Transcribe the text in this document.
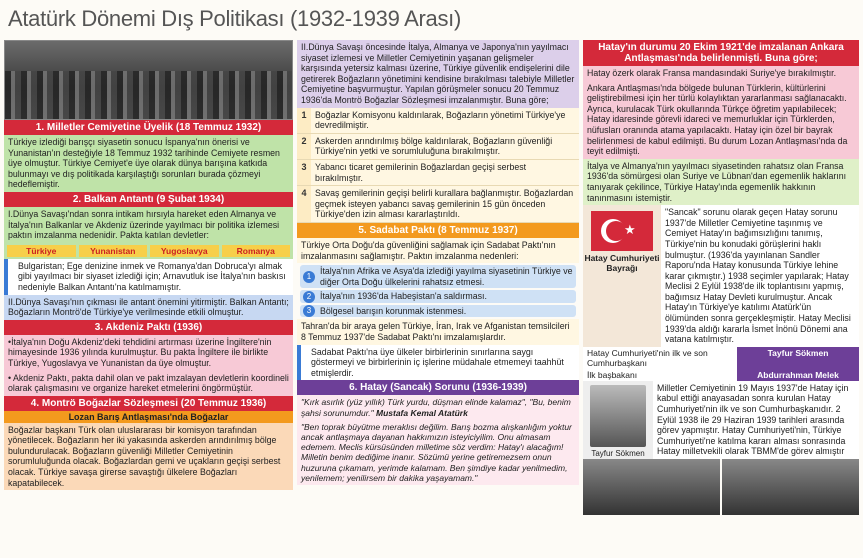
Atatürk Dönemi Dış Politikası (1932-1939 Arası)
1. Milletler Cemiyetine Üyelik (18 Temmuz 1932)
Türkiye izlediği barışçı siyasetin sonucu İspanya'nın önerisi ve Yunanistan'ın desteğiyle 18 Temmuz 1932 tarihinde Cemiyete resmen üye olmuştur. Türkiye Cemiyet'e üye olarak dünya barışına katkıda bulunmayı ve dış politikada karşılaştığı sorunları burada çözmeyi hedeflemiştir.
2. Balkan Antantı (9 Şubat 1934)
I.Dünya Savaşı'ndan sonra intikam hırsıyla hareket eden Almanya ve İtalya'nın Balkanlar ve Akdeniz üzerinde yayılmacı bir politika izlemesi paktın imzalanma nedenidir. Pakta katılan devletler:
Türkiye	Yunanistan	Yugoslavya	Romanya
Bulgaristan; Ege denizine inmek ve Romanya'dan Dobruca'yı almak gibi yayılmacı bir siyaset izlediği için; Arnavutluk ise İtalya'nın baskısı nedeniyle Balkan Antantı'na katılmamıştır.
II.Dünya Savaşı'nın çıkması ile antant önemini yitirmiştir. Balkan Antantı; Boğazların Montrö'de Türkiye'ye verilmesinde etkili olmuştur.
3. Akdeniz Paktı (1936)
•İtalya'nın Doğu Akdeniz'deki tehdidini artırması üzerine İngiltere'nin himayesinde 1936 yılında kurulmuştur. Bu pakta İngiltere ile birlikte Türkiye, Yugoslavya ve Yunanistan da üye olmuştur.
• Akdeniz Paktı, pakta dahil olan ve pakt imzalayan devletlerin koordineli olarak çalışmasını ve organize hareket etmelerini öngörmüştür.
4. Montrö Boğazlar Sözleşmesi (20 Temmuz 1936)
Lozan Barış Antlaşması'nda Boğazlar
Boğazlar başkanı Türk olan uluslararası bir komisyon tarafından yönetilecek. Boğazların her iki yakasında askerden arındırılmış bölge bulundurulacak. Boğazların güvenliği Milletler Cemiyetinin sorumluluğunda olacak. Boğazlardan gemi ve uçakların geçişi serbest olacak. Türkiye savaşa girerse savaştığı ülkelere Boğazları kapatabilecek.
II.Dünya Savaşı öncesinde İtalya, Almanya ve Japonya'nın yayılmacı siyaset izlemesi ve Milletler Cemiyetinin yaşanan gelişmeler karşısında yetersiz kalması üzerine, Türkiye güvenlik endişelerini dile getirerek Boğazların yönetimini kendisine bırakılması talebiyle Milletler Cemiyetine başvurmuştur. Yapılan görüşmeler sonucu 20 Temmuz 1936'da Montrö Boğazlar Sözleşmesi imzalanmıştır. Buna göre;
1 Boğazlar Komisyonu kaldırılarak, Boğazların yönetimi Türkiye'ye devredilmiştir.
2 Askerden arındırılmış bölge kaldırılarak, Boğazların güvenliği Türkiye'nin yetki ve sorumluluğuna bırakılmıştır.
3 Yabancı ticaret gemilerinin Boğazlardan geçişi serbest bırakılmıştır.
4 Savaş gemilerinin geçişi belirli kurallara bağlanmıştır. Boğazlardan geçmek isteyen yabancı savaş gemilerinin 15 gün önceden Türkiye'den izin alması kararlaştırıldı.
5. Sadabat Paktı (8 Temmuz 1937)
Türkiye Orta Doğu'da güvenliğini sağlamak için Sadabat Paktı'nın imzalanmasını sağlamıştır. Paktın imzalanma nedenleri:
1
İtalya'nın Afrika ve Asya'da izlediği yayılma siyasetinin Türkiye ve diğer Orta Doğu ülkelerini rahatsız etmesi.
2 İtalya'nın 1936'da Habeşistan'a saldırması.
3 Bölgesel barışın korunmak istenmesi.
Tahran'da bir araya gelen Türkiye, İran, Irak ve Afganistan temsilcileri 8 Temmuz 1937'de Sadabat Paktı'nı imzalamışlardır.
Sadabat Paktı'na üye ülkeler birbirlerinin sınırlarına saygı göstermeyi ve birbirlerinin iç işlerine müdahale etmemeyi taahhüt etmişlerdir.
6. Hatay (Sancak) Sorunu (1936-1939)
"Kırk asırlık (yüz yıllık) Türk yurdu, düşman elinde kalamaz", "Bu, benim şahsi sorunumdur." Mustafa Kemal Atatürk
"Ben toprak büyütme meraklısı değilim. Barış bozma alışkanlığım yoktur ancak antlaşmaya dayanan hakkımızın isteyiciyilim. Onu almasam edemem. Meclis kürsüsünden milletime söz verdim: Hatay'ı alacağım! Milletin benim dediğime inanır. Sözümü yerine getiremezsem onun huzuruna çıkamam, yerimde kalamam. Ben şimdiye kadar yenilmedim, yenilemem; yenilirsem bir dakika yaşayamam."
Hatay'ın durumu 20 Ekim 1921'de imzalanan Ankara Antlaşması'nda belirlenmişti. Buna göre;
Hatay özerk olarak Fransa mandasındaki Suriye'ye bırakılmıştır.
Ankara Antlaşması'nda bölgede bulunan Türklerin, kültürlerini geliştirebilmesi için her türlü kolaylıktan yararlanması sağlanacaktı. Ayrıca, kurulacak Türk okullarında Türkçe öğretim yapılabilecek; Hatay idaresinde görevli idareci ve memurluklar için Türklerden, nüfusları oranında atama yapılacaktı. Hatay için özel bir bayrak belirlenmesi de kabul edilmişti. Bu durum Lozan Antlaşması'nda da teyit edilmişti.
İtalya ve Almanya'nın yayılmacı siyasetinden rahatsız olan Fransa 1936'da sömürgesi olan Suriye ve Lübnan'dan egemenlik haklarını tanıyarak çekilince, Türkiye Hatay'ında egemenlik hakkının tanınmasını istemiştir.
★
Hatay Cumhuriyeti Bayrağı
"Sancak" sorunu olarak geçen Hatay sorunu 1937'de Milletler Cemiyetine taşınmış ve Cemiyet Hatay'ın bağımsızlığını tanımış, Türkiye'nin bu konudaki görüşlerini haklı bulmuştur. (1936'da yayınlanan Sandler Raporu'nda Hatay konusunda Türkiye lehine karar çıkmıştır.) 1938 seçimler yapılarak; Hatay Meclisi 2 Eylül 1938'de ilk toplantısını yapmış, bağımsız Hatay Devleti kurulmuştur. Ancak Hatay'ın Türkiye'ye katılımı Atatürk'ün ölümünden sonra gerçekleşmiştir. Hatay Meclisi 1939'da aldığı kararla İsmet İnönü Dönemi ana vatana katılmıştır.
Hatay Cumhuriyeti'nin ilk ve son Cumhurbaşkanı
Tayfur Sökmen
İlk başbakanı	Abdurrahman Melek
Tayfur Sökmen
Milletler Cemiyetinin 19 Mayıs 1937'de Hatay için kabul ettiği anayasadan sonra kurulan Hatay Cumhuriyeti'nin ilk ve son Cumhurbaşkanıdır. 2 Eylül 1938 ile 29 Haziran 1939 tarihleri arasında görev yapmıştır. Hatay Cumhuriyeti'nin, Türkiye Cumhuriyeti'ne katılma kararı alması sonrasında Hatay milletvekili olarak TBMM'de görev almıştır
